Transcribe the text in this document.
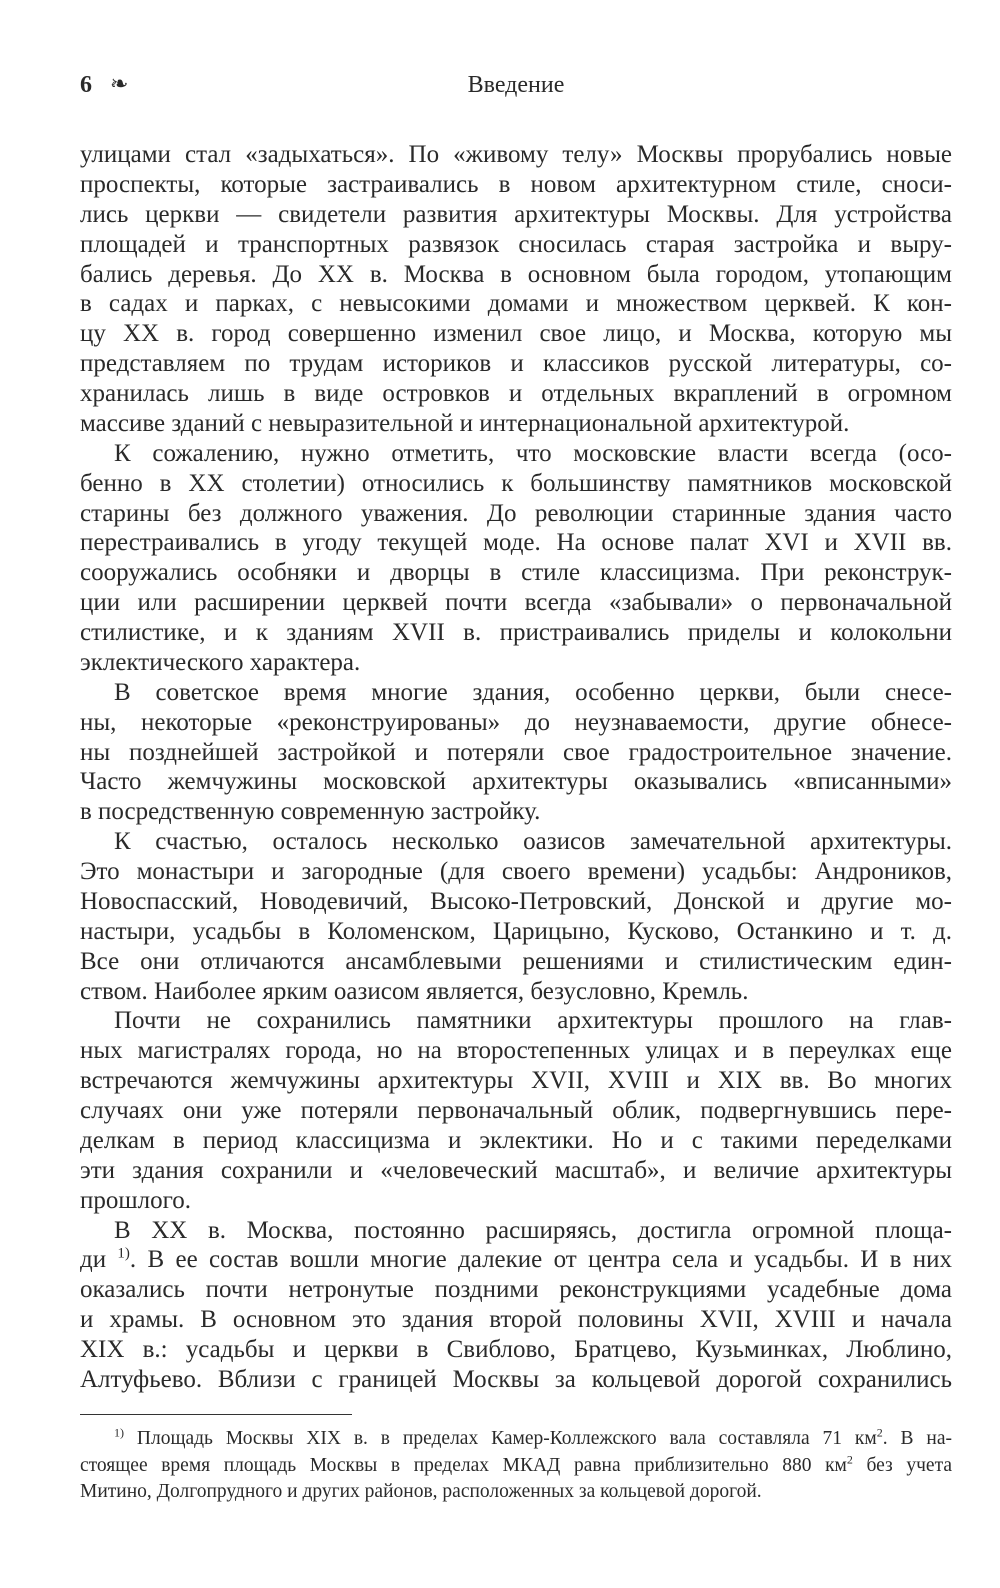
6 ❧	Введение
улицами стал «задыхаться». По «живому телу» Москвы прорубались новые
проспекты, которые застраивались в новом архитектурном стиле, сноси-
лись церкви — свидетели развития архитектуры Москвы. Для устройства
площадей и транспортных развязок сносилась старая застройка и выру-
бались деревья. До XX в. Москва в основном была городом, утопающим
в садах и парках, с невысокими домами и множеством церквей. К кон-
цу XX в. город совершенно изменил свое лицо, и Москва, которую мы
представляем по трудам историков и классиков русской литературы, со-
хранилась лишь в виде островков и отдельных вкраплений в огромном
массиве зданий с невыразительной и интернациональной архитектурой.
К сожалению, нужно отметить, что московские власти всегда (осо-
бенно в XX столетии) относились к большинству памятников московской
старины без должного уважения. До революции старинные здания часто
перестраивались в угоду текущей моде. На основе палат XVI и XVII вв.
сооружались особняки и дворцы в стиле классицизма. При реконструк-
ции или расширении церквей почти всегда «забывали» о первоначальной
стилистике, и к зданиям XVII в. пристраивались приделы и колокольни
эклектического характера.
В советское время многие здания, особенно церкви, были снесе-
ны, некоторые «реконструированы» до неузнаваемости, другие обнесе-
ны позднейшей застройкой и потеряли свое градостроительное значение.
Часто жемчужины московской архитектуры оказывались «вписанными»
в посредственную современную застройку.
К счастью, осталось несколько оазисов замечательной архитектуры.
Это монастыри и загородные (для своего времени) усадьбы: Андроников,
Новоспасский, Новодевичий, Высоко-Петровский, Донской и другие мо-
настыри, усадьбы в Коломенском, Царицыно, Кусково, Останкино и т. д.
Все они отличаются ансамблевыми решениями и стилистическим един-
ством. Наиболее ярким оазисом является, безусловно, Кремль.
Почти не сохранились памятники архитектуры прошлого на глав-
ных магистралях города, но на второстепенных улицах и в переулках еще
встречаются жемчужины архитектуры XVII, XVIII и XIX вв. Во многих
случаях они уже потеряли первоначальный облик, подвергнувшись пере-
делкам в период классицизма и эклектики. Но и с такими переделками
эти здания сохранили и «человеческий масштаб», и величие архитектуры
прошлого.
В XX в. Москва, постоянно расширяясь, достигла огромной площа-
ди $^{1)}$. В ее состав вошли многие далекие от центра села и усадьбы. И в них
оказались почти нетронутые поздними реконструкциями усадебные дома
и храмы. В основном это здания второй половины XVII, XVIII и начала
XIX в.: усадьбы и церкви в Свиблово, Братцево, Кузьминках, Люблино,
Алтуфьево. Вблизи с границей Москвы за кольцевой дорогой сохранились
$^{1)}$ Площадь Москвы XIX в. в пределах Камер-Коллежского вала составляла 71 $км^2$. В на-
стоящее время площадь Москвы в пределах МКАД равна приблизительно 880 $км^2$ без учета
Митино, Долгопрудного и других районов, расположенных за кольцевой дорогой.
